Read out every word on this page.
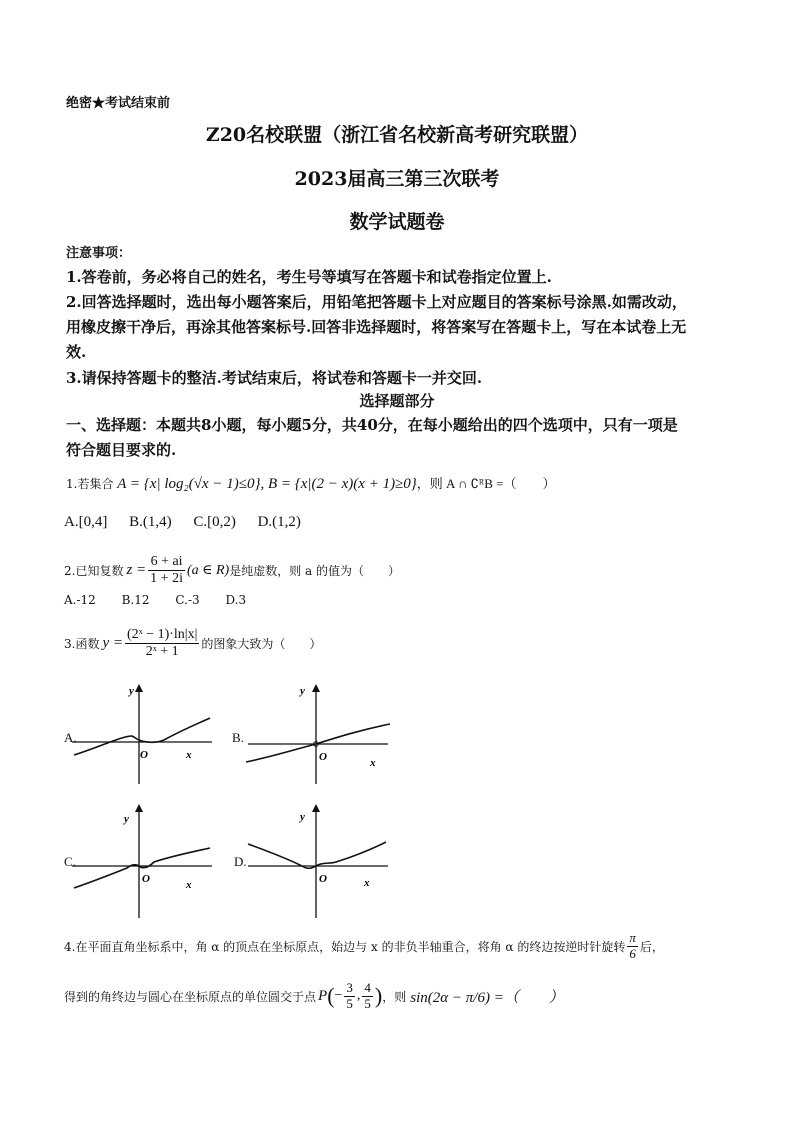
绝密★考试结束前
Z20名校联盟（浙江省名校新高考研究联盟）
2023届高三第三次联考
数学试题卷
注意事项：
1.答卷前，务必将自己的姓名，考生号等填写在答题卡和试卷指定位置上.
2.回答选择题时，选出每小题答案后，用铅笔把答题卡上对应题目的答案标号涂黑.如需改动，
用橡皮擦干净后，再涂其他答案标号.回答非选择题时，将答案写在答题卡上，写在本试卷上无
效.
3.请保持答题卡的整洁.考试结束后，将试卷和答题卡一并交回.
选择题部分
一、选择题：本题共8小题，每小题5分，共40分，在每小题给出的四个选项中，只有一项是
符合题目要求的.
1.若集合 A = {x| log₂(√x − 1)≤0}, B = {x|(2 − x)(x + 1)≥0}，则 A ∩ ∁ᴿB =（　　）
A.[0,4] B.(1,4) C.[0,2) D.(1,2)
2.已知复数 $z = \frac{6 + ai}{1 + 2i} (a$ ∈ R) 是纯虚数，则 a 的值为（　　）
A.-12 B.12 C.-3 D.3
3.函数 $y = \frac{\text{(2ˣ − 1)·ln|x|}}{\text{2ˣ + 1}}$ 的图象大致为（　　）
A.
y
O	x
B.
y
O	x
C.
y
O	x
D.
y
O	x
4.在平面直角坐标系中，角 α 的顶点在坐标原点，始边与 x 的非负半轴重合，将角 α 的终边按逆时针旋转 $\frac{\pi}{6}$ 后，
得到的角终边与圆心在坐标原点的单位圆交于点 P ( − $\frac{3}{5}$ , $\frac{4}{5}$ ) ，则 sin(2α − π/6) =（　　）
